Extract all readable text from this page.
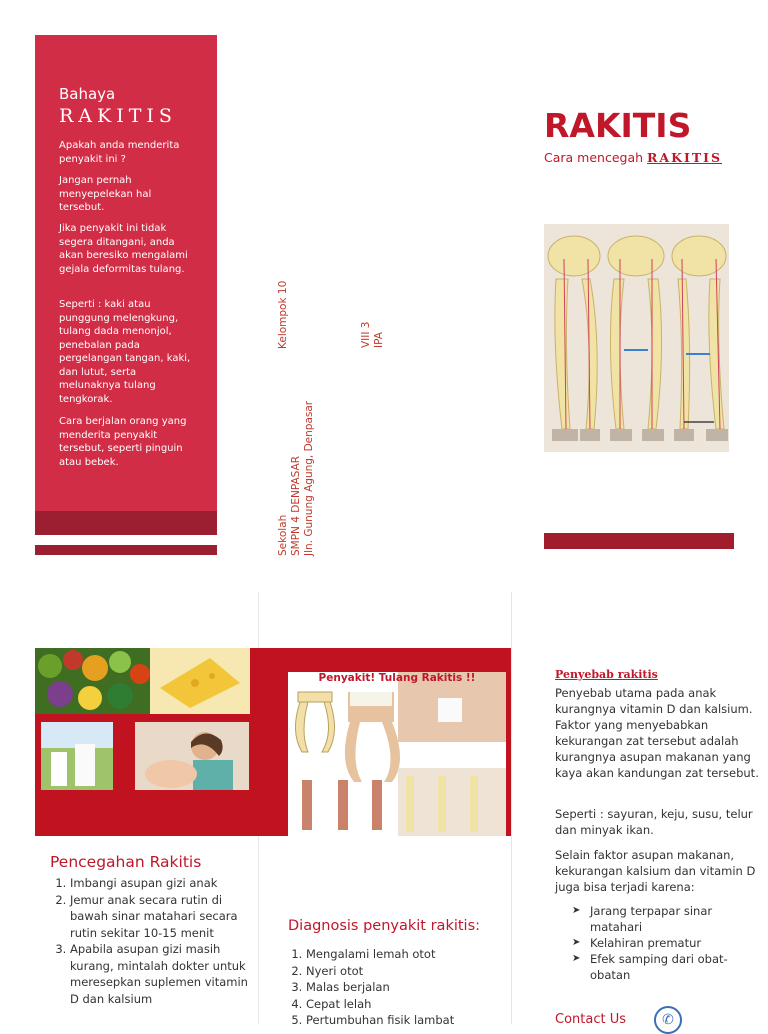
Bahaya
RAKITIS

Apakah anda menderita penyakit ini ?

Jangan pernah menyepelekan hal tersebut.

Jika penyakit ini tidak segera ditangani, anda akan beresiko mengalami gejala deformitas tulang.

Seperti : kaki atau punggung melengkung, tulang dada menonjol, penebalan pada pergelangan tangan, kaki, dan lutut, serta melunaknya tulang tengkorak.

Cara berjalan orang yang menderita penyakit tersebut, seperti pinguin atau bebek.

Kelompok 10	VIII 3 IPA
Sekolah SMPN 4 DENPASAR Jln. Gunung Agung, Denpasar
RAKITIS
Cara mencegah RAKITIS
Penyakit! Tulang Rakitis !!
Pencegahan Rakitis
1. Imbangi asupan gizi anak
2. Jemur anak secara rutin di bawah sinar matahari secara rutin sekitar 10-15 menit
3. Apabila asupan gizi masih kurang, mintalah dokter untuk meresepkan suplemen vitamin D dan kalsium
Diagnosis penyakit rakitis:
1. Mengalami lemah otot
2. Nyeri otot
3. Malas berjalan
4. Cepat lelah
5. Pertumbuhan fisik lambat
Penyebab rakitis

Penyebab utama pada anak kurangnya vitamin D dan kalsium. Faktor yang menyebabkan kekurangan zat tersebut adalah kurangnya asupan makanan yang kaya akan kandungan zat tersebut.

Seperti : sayuran, keju, susu, telur dan minyak ikan.

Selain faktor asupan makanan, kekurangan kalsium dan vitamin D juga bisa terjadi karena:

➤ Jarang terpapar sinar matahari
➤ Kelahiran prematur
➤ Efek samping dari obat-obatan
Contact Us	✆
